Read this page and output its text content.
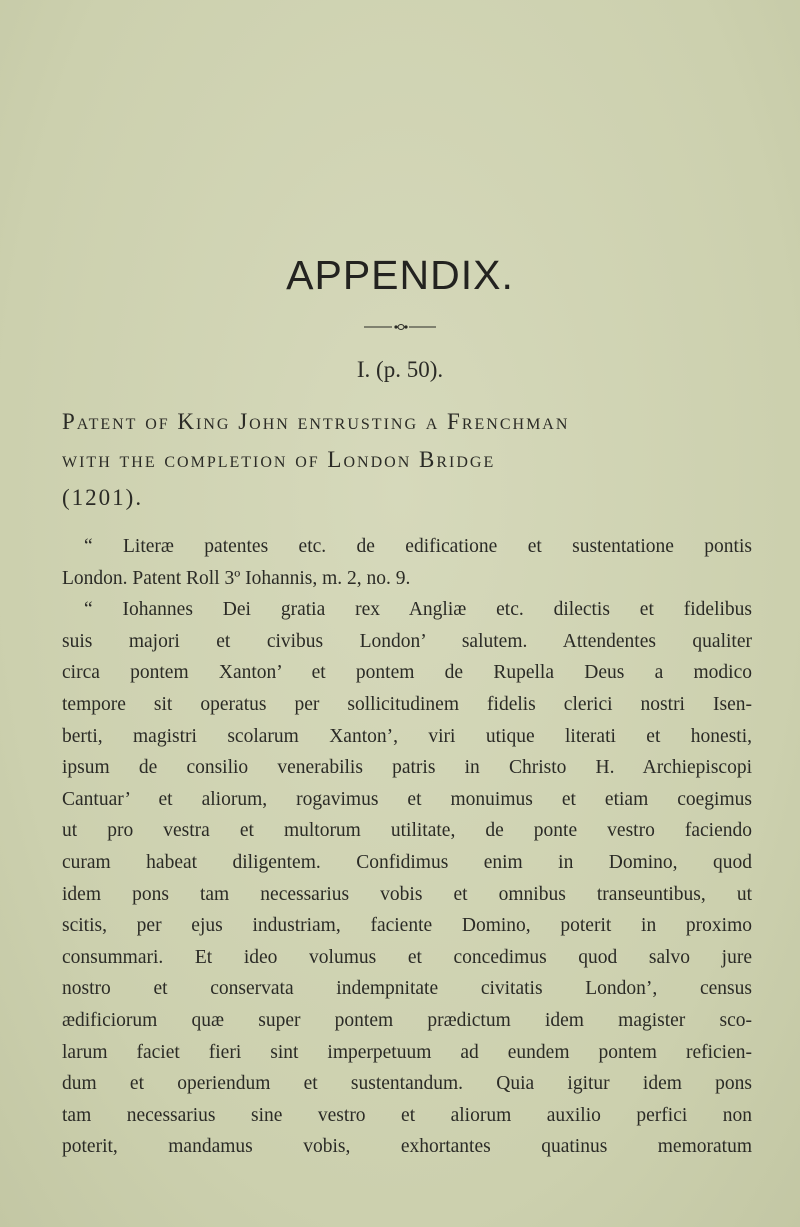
APPENDIX.
I. (p. 50).
Patent of King John entrusting a Frenchman
with the completion of London Bridge
(1201).
“ Literæ patentes etc. de edificatione et sustentatione pontis
London. Patent Roll 3º Iohannis, m. 2, no. 9.
“ Iohannes Dei gratia rex Angliæ etc. dilectis et fidelibus
suis majori et civibus London’ salutem. Attendentes qualiter
circa pontem Xanton’ et pontem de Rupella Deus a modico
tempore sit operatus per sollicitudinem fidelis clerici nostri Isen-
berti, magistri scolarum Xanton’, viri utique literati et honesti,
ipsum de consilio venerabilis patris in Christo H. Archiepiscopi
Cantuar’ et aliorum, rogavimus et monuimus et etiam coegimus
ut pro vestra et multorum utilitate, de ponte vestro faciendo
curam habeat diligentem. Confidimus enim in Domino, quod
idem pons tam necessarius vobis et omnibus transeuntibus, ut
scitis, per ejus industriam, faciente Domino, poterit in proximo
consummari. Et ideo volumus et concedimus quod salvo jure
nostro et conservata indempnitate civitatis London’, census
ædificiorum quæ super pontem prædictum idem magister sco-
larum faciet fieri sint imperpetuum ad eundem pontem reficien-
dum et operiendum et sustentandum. Quia igitur idem pons
tam necessarius sine vestro et aliorum auxilio perfici non
poterit, mandamus vobis, exhortantes quatinus memoratum
